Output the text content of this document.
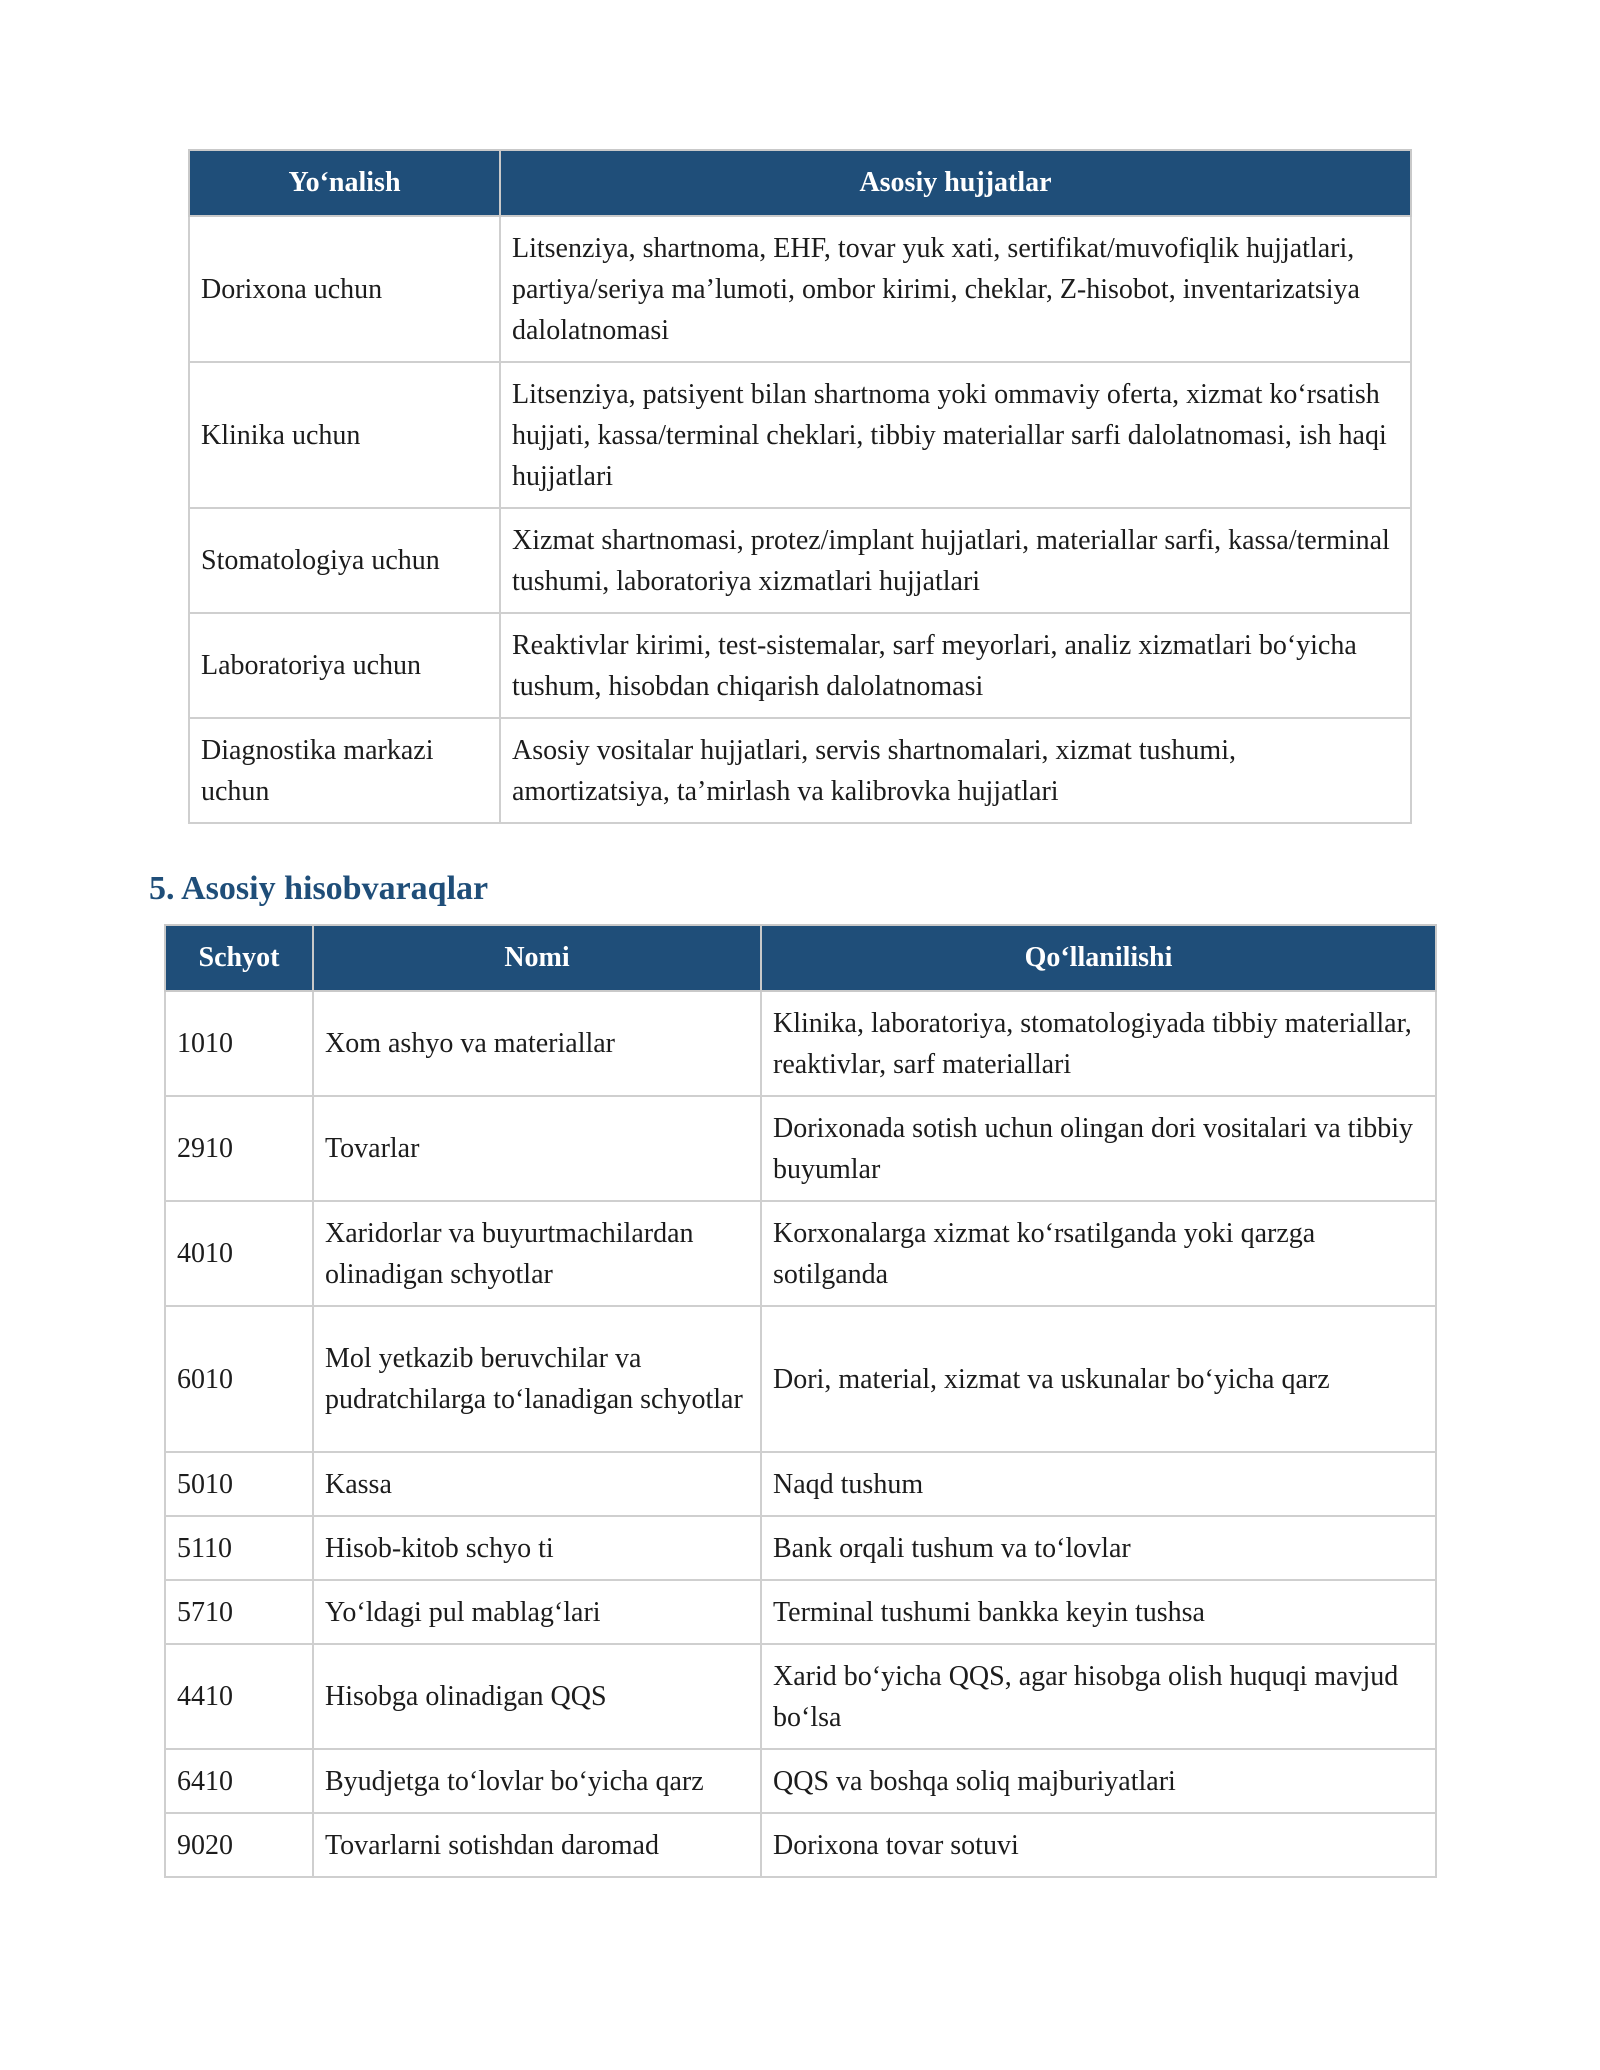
Yo‘nalish	Asosiy hujjatlar
Dorixona uchun	Litsenziya, shartnoma, EHF, tovar yuk xati, sertifikat/muvofiqlik hujjatlari, partiya/seriya ma’lumoti, ombor kirimi, cheklar, Z-hisobot, inventarizatsiya dalolatnomasi
Klinika uchun	Litsenziya, patsiyent bilan shartnoma yoki ommaviy oferta, xizmat ko‘rsatish hujjati, kassa/terminal cheklari, tibbiy materiallar sarfi dalolatnomasi, ish haqi hujjatlari
Stomatologiya uchun	Xizmat shartnomasi, protez/implant hujjatlari, materiallar sarfi, kassa/terminal tushumi, laboratoriya xizmatlari hujjatlari
Laboratoriya uchun	Reaktivlar kirimi, test-sistemalar, sarf meyorlari, analiz xizmatlari bo‘yicha tushum, hisobdan chiqarish dalolatnomasi
Diagnostika markazi uchun	Asosiy vositalar hujjatlari, servis shartnomalari, xizmat tushumi, amortizatsiya, ta’mirlash va kalibrovka hujjatlari
5. Asosiy hisobvaraqlar
Schyot	Nomi	Qo‘llanilishi
1010	Xom ashyo va materiallar	Klinika, laboratoriya, stomatologiyada tibbiy materiallar, reaktivlar, sarf materiallari
2910	Tovarlar	Dorixonada sotish uchun olingan dori vositalari va tibbiy buyumlar
4010	Xaridorlar va buyurtmachilardan olinadigan schyotlar	Korxonalarga xizmat ko‘rsatilganda yoki qarzga sotilganda
6010	Mol yetkazib beruvchilar va pudratchilarga to‘lanadigan schyotlar	Dori, material, xizmat va uskunalar bo‘yicha qarz
5010	Kassa	Naqd tushum
5110	Hisob-kitob schyo ti	Bank orqali tushum va to‘lovlar
5710	Yo‘ldagi pul mablag‘lari	Terminal tushumi bankka keyin tushsa
4410	Hisobga olinadigan QQS	Xarid bo‘yicha QQS, agar hisobga olish huquqi mavjud bo‘lsa
6410	Byudjetga to‘lovlar bo‘yicha qarz	QQS va boshqa soliq majburiyatlari
9020	Tovarlarni sotishdan daromad	Dorixona tovar sotuvi
